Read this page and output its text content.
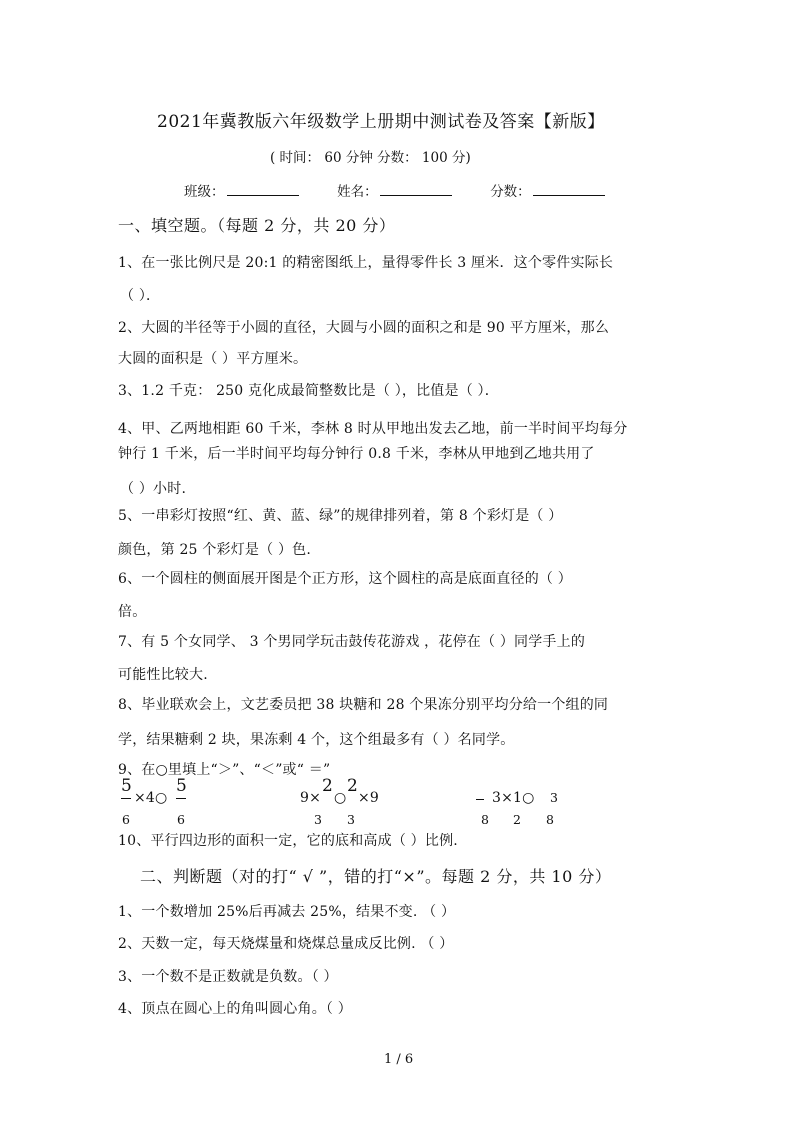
2021年冀教版六年级数学上册期中测试卷及答案【新版】
( 时间： 60 分钟 分数： 100 分)
班级：	姓名：	分数：
一、填空题。（每题 2 分，共 20 分）
1、在一张比例尺是 20:1 的精密图纸上，量得零件长 3 厘米．这个零件实际长
（ ）．
2、大圆的半径等于小圆的直径，大圆与小圆的面积之和是 90 平方厘米，那么
大圆的面积是（ ）平方厘米。
3、1.2 千克： 250 克化成最简整数比是（ ），比值是（ ）．
4、甲、乙两地相距 60 千米，李林 8 时从甲地出发去乙地，前一半时间平均每分
钟行 1 千米，后一半时间平均每分钟行 0.8 千米，李林从甲地到乙地共用了
（ ）小时.
5、一串彩灯按照“红、黄、蓝、绿”的规律排列着，第 8 个彩灯是（ ）
颜色，第 25 个彩灯是（ ）色.
6、一个圆柱的侧面展开图是个正方形，这个圆柱的高是底面直径的（ ）
倍。
7、有 5 个女同学、 3 个男同学玩击鼓传花游戏 ，花停在（ ）同学手上的
可能性比较大.
8、毕业联欢会上，文艺委员把 38 块糖和 28 个果冻分别平均分给一个组的同
学，结果糖剩 2 块，果冻剩 4 个，这个组最多有（ ）名同学。
9、在○里填上“＞”、“＜”或“ ＝”
5
×4○
5
6	6
9×
2
○
2
×9
3 3
3×1○ 3
8 2 8
10、平行四边形的面积一定，它的底和高成（ ）比例.
二、判断题（对的打“ √ ”，错的打“×”。每题 2 分，共 10 分）
1、一个数增加 25%后再减去 25%，结果不变. （ ）
2、天数一定，每天烧煤量和烧煤总量成反比例. （ ）
3、一个数不是正数就是负数。（ ）
4、顶点在圆心上的角叫圆心角。（ ）
1 / 6
